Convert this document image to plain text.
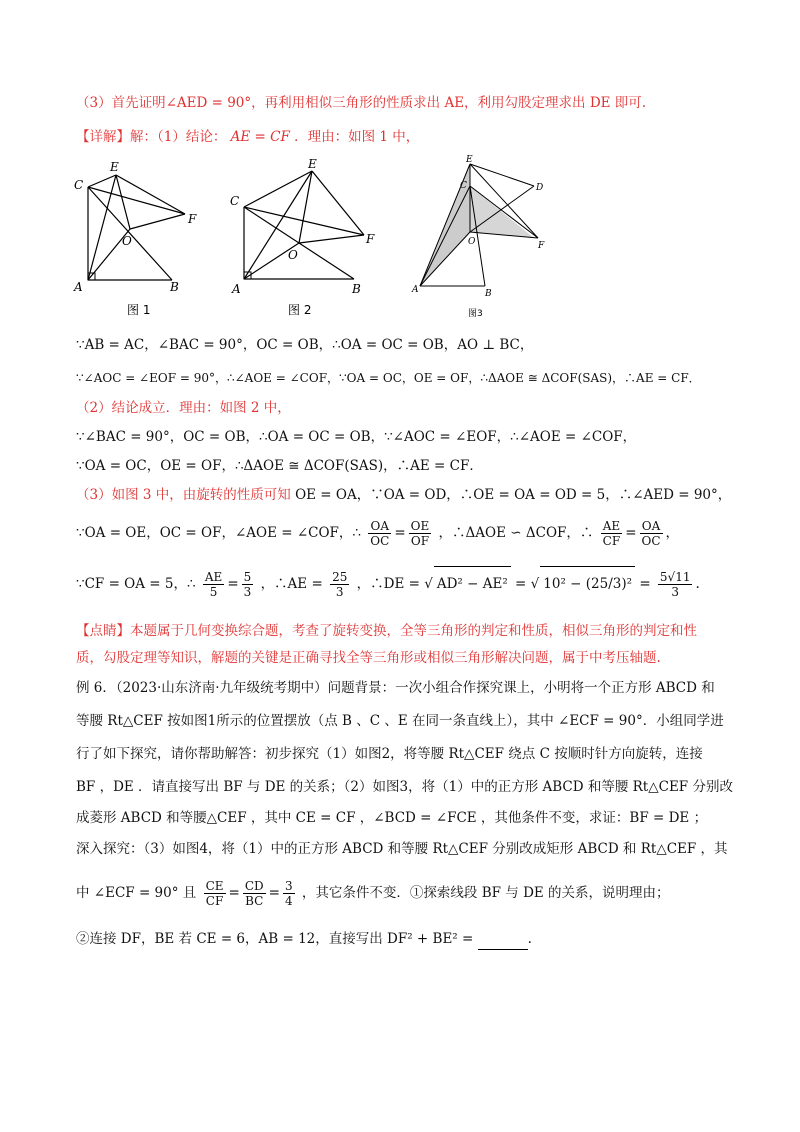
（3）首先证明∠AED = 90°，再利用相似三角形的性质求出 AE，利用勾股定理求出 DE 即可.
【详解】解：（1）结论： AE = CF ．理由：如图 1 中，
E
C
F
O
A	B
图 1
E
C
F
O
A	B
图 2
E
C	D
F
O
A	B
图3
∵AB = AC，∠BAC = 90°，OC = OB，∴OA = OC = OB，AO ⊥ BC，
∵∠AOC = ∠EOF = 90°，∴∠AOE = ∠COF，∵OA = OC，OE = OF，∴ΔAOE ≅ ΔCOF(SAS)，∴AE = CF．
（2）结论成立．理由：如图 2 中，
∵∠BAC = 90°，OC = OB，∴OA = OC = OB，∵∠AOC = ∠EOF，∴∠AOE = ∠COF，
∵OA = OC，OE = OF，∴ΔAOE ≅ ΔCOF(SAS)，∴AE = CF．
（3）如图 3 中，由旋转的性质可知 OE = OA，∵OA = OD，∴OE = OA = OD = 5，∴∠AED = 90°，
∵OA = OE，OC = OF，∠AOE = ∠COF，∴ $\frac{OA}{OC} = \frac{OE}{OF}$ ，∴ΔAOE ∽ ΔCOF，∴ $\frac{AE}{CF} = \frac{OA}{OC}$ ，
∵CF = OA = 5，∴ $\frac{AE}{5} = \frac{5}{3}$ ，∴AE = $\frac{25}{3}$ ，∴DE = √ AD² − AE² = √ $10^2 - (25/3)^2 = \frac{5√11}{3}$ .
【点睛】本题属于几何变换综合题，考查了旋转变换，全等三角形的判定和性质，相似三角形的判定和性
质，勾股定理等知识，解题的关键是正确寻找全等三角形或相似三角形解决问题，属于中考压轴题.
例 6．（2023·山东济南·九年级统考期中）问题背景：一次小组合作探究课上，小明将一个正方形 ABCD 和
等腰 Rt△CEF 按如图1所示的位置摆放（点 B 、C 、E 在同一条直线上），其中 ∠ECF = 90°．小组同学进
行了如下探究，请你帮助解答：初步探究（1）如图2，将等腰 Rt△CEF 绕点 C 按顺时针方向旋转，连接
BF ，DE ．请直接写出 BF 与 DE 的关系；（2）如图3，将（1）中的正方形 ABCD 和等腰 Rt△CEF 分别改
成菱形 ABCD 和等腰△CEF ，其中 CE = CF ，∠BCD = ∠FCE ，其他条件不变，求证：BF = DE ；
深入探究：（3）如图4，将（1）中的正方形 ABCD 和等腰 Rt△CEF 分别改成矩形 ABCD 和 Rt△CEF ，其
中 ∠ECF = 90° 且 $\frac{CE}{CF} = \frac{CD}{BC} = \frac{3}{4}$ ，其它条件不变．①探索线段 BF 与 DE 的关系，说明理由；
②连接 DF，BE 若 CE = 6，AB = 12，直接写出 DF² + BE² =	.
